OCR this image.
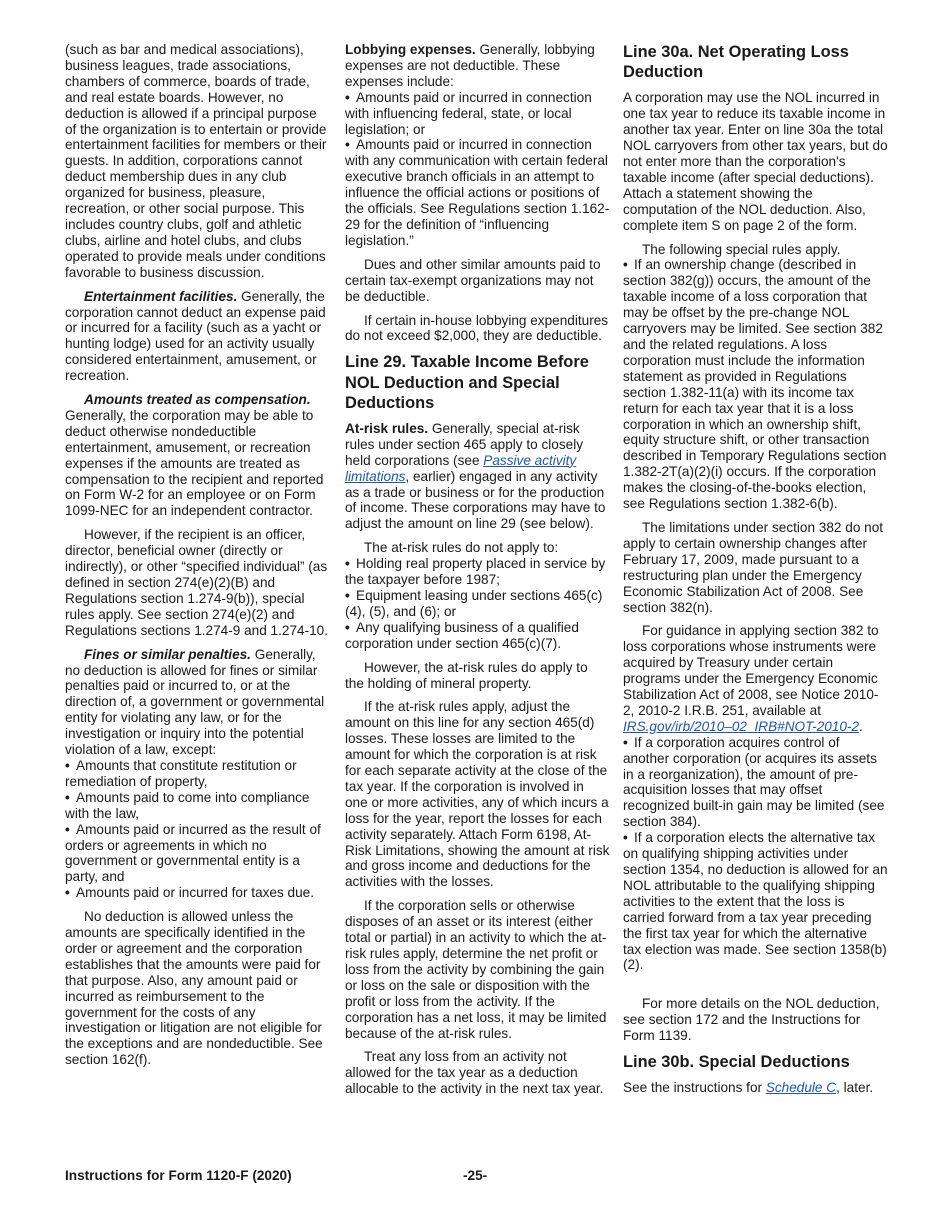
(such as bar and medical associations), business leagues, trade associations, chambers of commerce, boards of trade, and real estate boards. However, no deduction is allowed if a principal purpose of the organization is to entertain or provide entertainment facilities for members or their guests. In addition, corporations cannot deduct membership dues in any club organized for business, pleasure, recreation, or other social purpose. This includes country clubs, golf and athletic clubs, airline and hotel clubs, and clubs operated to provide meals under conditions favorable to business discussion.

Entertainment facilities. Generally, the corporation cannot deduct an expense paid or incurred for a facility (such as a yacht or hunting lodge) used for an activity usually considered entertainment, amusement, or recreation.

Amounts treated as compensation. Generally, the corporation may be able to deduct otherwise nondeductible entertainment, amusement, or recreation expenses if the amounts are treated as compensation to the recipient and reported on Form W-2 for an employee or on Form 1099-NEC for an independent contractor.

However, if the recipient is an officer, director, beneficial owner (directly or indirectly), or other “specified individual” (as defined in section 274(e)(2)(B) and Regulations section 1.274-9(b)), special rules apply. See section 274(e)(2) and Regulations sections 1.274-9 and 1.274-10.

Fines or similar penalties. Generally, no deduction is allowed for fines or similar penalties paid or incurred to, or at the direction of, a government or governmental entity for violating any law, or for the investigation or inquiry into the potential violation of a law, except:

• Amounts that constitute restitution or remediation of property,
• Amounts paid to come into compliance with the law,
• Amounts paid or incurred as the result of orders or agreements in which no government or governmental entity is a party, and
• Amounts paid or incurred for taxes due.

No deduction is allowed unless the amounts are specifically identified in the order or agreement and the corporation establishes that the amounts were paid for that purpose. Also, any amount paid or incurred as reimbursement to the government for the costs of any investigation or litigation are not eligible for the exceptions and are nondeductible. See section 162(f).

Lobbying expenses. Generally, lobbying expenses are not deductible. These expenses include:

• Amounts paid or incurred in connection with influencing federal, state, or local legislation; or
• Amounts paid or incurred in connection with any communication with certain federal executive branch officials in an attempt to influence the official actions or positions of the officials. See Regulations section 1.162-29 for the definition of “influencing legislation.”

Dues and other similar amounts paid to certain tax-exempt organizations may not be deductible.

If certain in-house lobbying expenditures do not exceed $2,000, they are deductible.

Line 29. Taxable Income Before NOL Deduction and Special Deductions

At-risk rules. Generally, special at-risk rules under section 465 apply to closely held corporations (see Passive activity limitations, earlier) engaged in any activity as a trade or business or for the production of income. These corporations may have to adjust the amount on line 29 (see below).

The at-risk rules do not apply to:

• Holding real property placed in service by the taxpayer before 1987;
• Equipment leasing under sections 465(c)(4), (5), and (6); or
• Any qualifying business of a qualified corporation under section 465(c)(7).

However, the at-risk rules do apply to the holding of mineral property.

If the at-risk rules apply, adjust the amount on this line for any section 465(d) losses. These losses are limited to the amount for which the corporation is at risk for each separate activity at the close of the tax year. If the corporation is involved in one or more activities, any of which incurs a loss for the year, report the losses for each activity separately. Attach Form 6198, At-Risk Limitations, showing the amount at risk and gross income and deductions for the activities with the losses.

If the corporation sells or otherwise disposes of an asset or its interest (either total or partial) in an activity to which the at-risk rules apply, determine the net profit or loss from the activity by combining the gain or loss on the sale or disposition with the profit or loss from the activity. If the corporation has a net loss, it may be limited because of the at-risk rules.

Treat any loss from an activity not allowed for the tax year as a deduction allocable to the activity in the next tax year.

Line 30a. Net Operating Loss Deduction

A corporation may use the NOL incurred in one tax year to reduce its taxable income in another tax year. Enter on line 30a the total NOL carryovers from other tax years, but do not enter more than the corporation's taxable income (after special deductions). Attach a statement showing the computation of the NOL deduction. Also, complete item S on page 2 of the form.

The following special rules apply.

• If an ownership change (described in section 382(g)) occurs, the amount of the taxable income of a loss corporation that may be offset by the pre-change NOL carryovers may be limited. See section 382 and the related regulations. A loss corporation must include the information statement as provided in Regulations section 1.382-11(a) with its income tax return for each tax year that it is a loss corporation in which an ownership shift, equity structure shift, or other transaction described in Temporary Regulations section 1.382-2T(a)(2)(i) occurs. If the corporation makes the closing-of-the-books election, see Regulations section 1.382-6(b).

The limitations under section 382 do not apply to certain ownership changes after February 17, 2009, made pursuant to a restructuring plan under the Emergency Economic Stabilization Act of 2008. See section 382(n).

For guidance in applying section 382 to loss corporations whose instruments were acquired by Treasury under certain programs under the Emergency Economic Stabilization Act of 2008, see Notice 2010-2, 2010-2 I.R.B. 251, available at IRS.gov/irb/2010–02_IRB#NOT-2010-2.

• If a corporation acquires control of another corporation (or acquires its assets in a reorganization), the amount of pre-acquisition losses that may offset recognized built-in gain may be limited (see section 384).
• If a corporation elects the alternative tax on qualifying shipping activities under section 1354, no deduction is allowed for an NOL attributable to the qualifying shipping activities to the extent that the loss is carried forward from a tax year preceding the first tax year for which the alternative tax election was made. See section 1358(b)(2).

For more details on the NOL deduction, see section 172 and the Instructions for Form 1139.

Line 30b. Special Deductions

See the instructions for Schedule C, later.

Instructions for Form 1120-F (2020)	-25-
